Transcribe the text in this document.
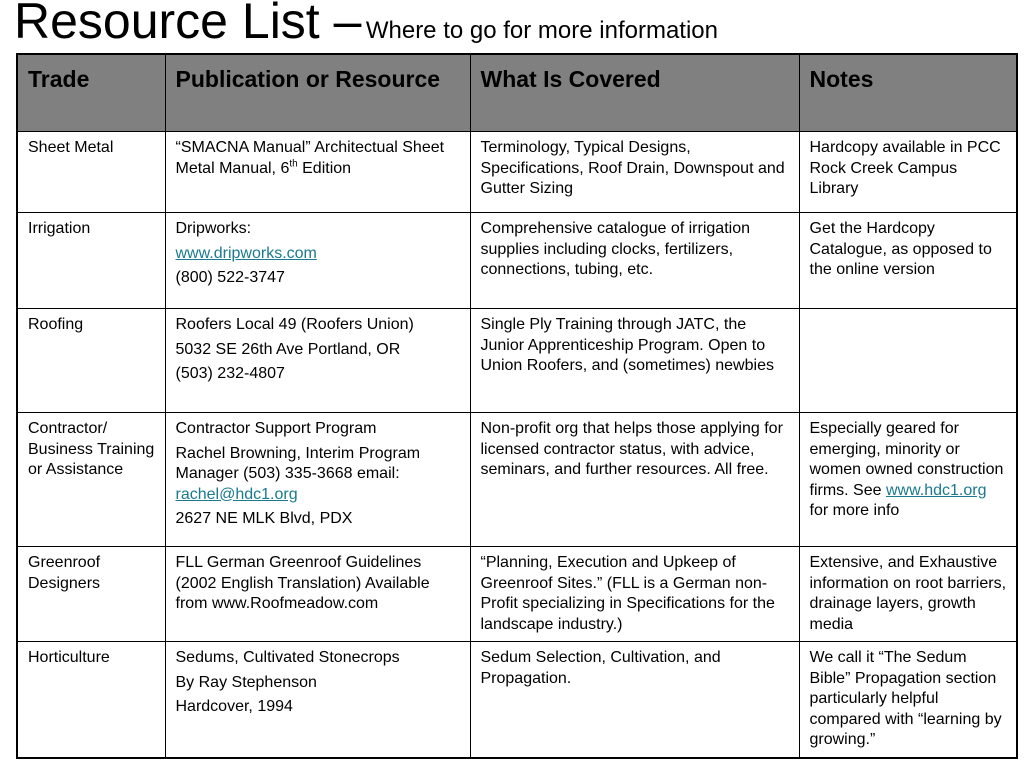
Resource List – Where to go for more information
Trade	Publication or Resource	What Is Covered	Notes
Sheet Metal	“SMACNA Manual” Architectual Sheet Metal Manual, 6th Edition	Terminology, Typical Designs, Specifications, Roof Drain, Downspout and Gutter Sizing	Hardcopy available in PCC Rock Creek Campus Library
Irrigation	Dripworks:
www.dripworks.com
(800) 522-3747	Comprehensive catalogue of irrigation supplies including clocks, fertilizers, connections, tubing, etc.	Get the Hardcopy Catalogue, as opposed to the online version
Roofing	Roofers Local 49 (Roofers Union)
5032 SE 26th Ave Portland, OR
(503) 232-4807	Single Ply Training through JATC, the Junior Apprenticeship Program. Open to Union Roofers, and (sometimes) newbies	
Contractor/ Business Training or Assistance	Contractor Support Program
Rachel Browning, Interim Program Manager (503) 335-3668 email: rachel@hdc1.org
2627 NE MLK Blvd, PDX	Non-profit org that helps those applying for licensed contractor status, with advice, seminars, and further resources. All free.	Especially geared for emerging, minority or women owned construction firms. See www.hdc1.org for more info
Greenroof Designers	FLL German Greenroof Guidelines (2002 English Translation) Available from www.Roofmeadow.com	“Planning, Execution and Upkeep of Greenroof Sites.” (FLL is a German non-Profit specializing in Specifications for the landscape industry.)	Extensive, and Exhaustive information on root barriers, drainage layers, growth media
Horticulture	Sedums, Cultivated Stonecrops
By Ray Stephenson
Hardcover, 1994	Sedum Selection, Cultivation, and Propagation.	We call it “The Sedum Bible” Propagation section particularly helpful compared with “learning by growing.”
